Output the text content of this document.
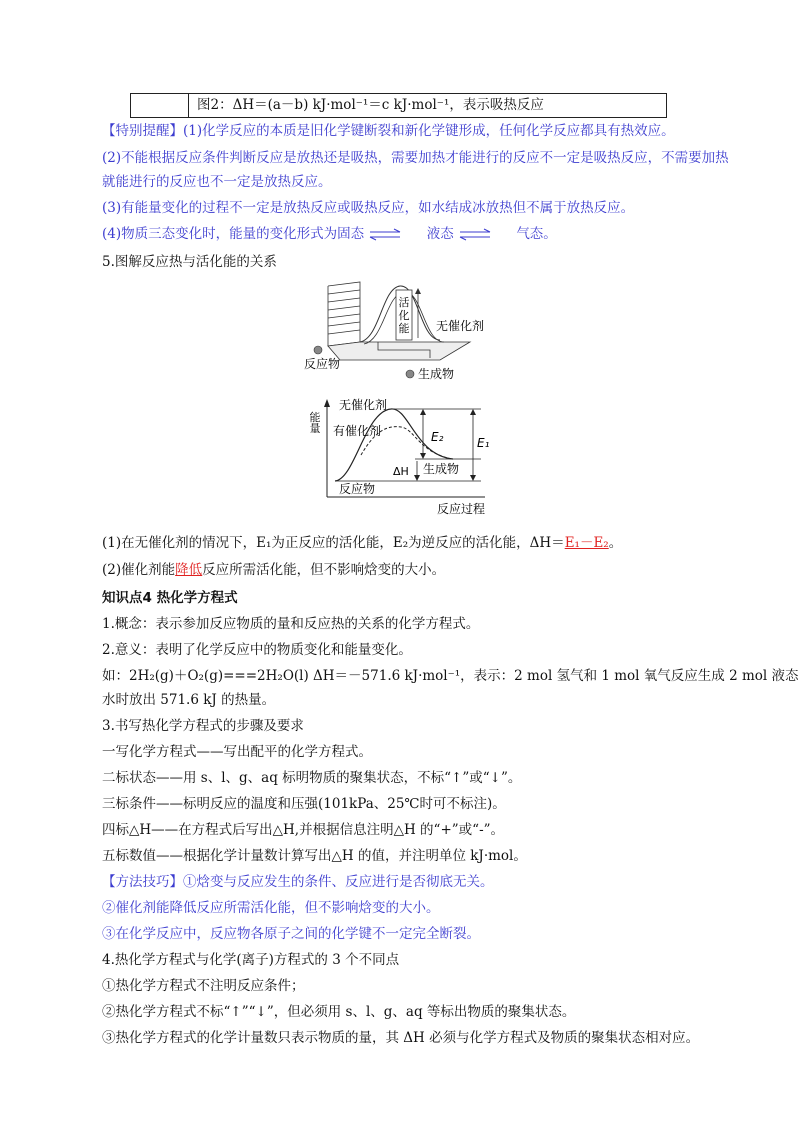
图2：ΔH＝(a－b) kJ·mol⁻¹＝c kJ·mol⁻¹，表示吸热反应
【特别提醒】(1)化学反应的本质是旧化学键断裂和新化学键形成，任何化学反应都具有热效应。
(2)不能根据反应条件判断反应是放热还是吸热，需要加热才能进行的反应不一定是吸热反应，不需要加热
就能进行的反应也不一定是放热反应。
(3)有能量变化的过程不一定是放热反应或吸热反应，如水结成冰放热但不属于放热反应。
(4)物质三态变化时，能量的变化形式为固态 ⇌ 液态 ⇌ 气态。
5.图解反应热与活化能的关系
活化能 无催化剂
反应物
生成物
能量
反应过程
E₂	E₁
ΔH
无催化剂
有催化剂
生成物
反应物
(1)在无催化剂的情况下，E₁为正反应的活化能，E₂为逆反应的活化能，ΔH＝E₁－E₂。
(2)催化剂能降低反应所需活化能，但不影响焓变的大小。
知识点4 热化学方程式
1.概念：表示参加反应物质的量和反应热的关系的化学方程式。
2.意义：表明了化学反应中的物质变化和能量变化。
如：2H₂(g)＋O₂(g)===2H₂O(l) ΔH＝－571.6 kJ·mol⁻¹，表示：2 mol 氢气和 1 mol 氧气反应生成 2 mol 液态
水时放出 571.6 kJ 的热量。
3.书写热化学方程式的步骤及要求
一写化学方程式——写出配平的化学方程式。
二标状态——用 s、l、g、aq 标明物质的聚集状态，不标“↑”或“↓”。
三标条件——标明反应的温度和压强(101kPa、25℃时可不标注)。
四标△H——在方程式后写出△H,并根据信息注明△H 的“+”或“-”。
五标数值——根据化学计量数计算写出△H 的值，并注明单位 kJ·mol。
【方法技巧】①焓变与反应发生的条件、反应进行是否彻底无关。
②催化剂能降低反应所需活化能，但不影响焓变的大小。
③在化学反应中，反应物各原子之间的化学键不一定完全断裂。
4.热化学方程式与化学(离子)方程式的 3 个不同点
①热化学方程式不注明反应条件；
②热化学方程式不标“↑”“↓”，但必须用 s、l、g、aq 等标出物质的聚集状态。
③热化学方程式的化学计量数只表示物质的量，其 ΔH 必须与化学方程式及物质的聚集状态相对应。
